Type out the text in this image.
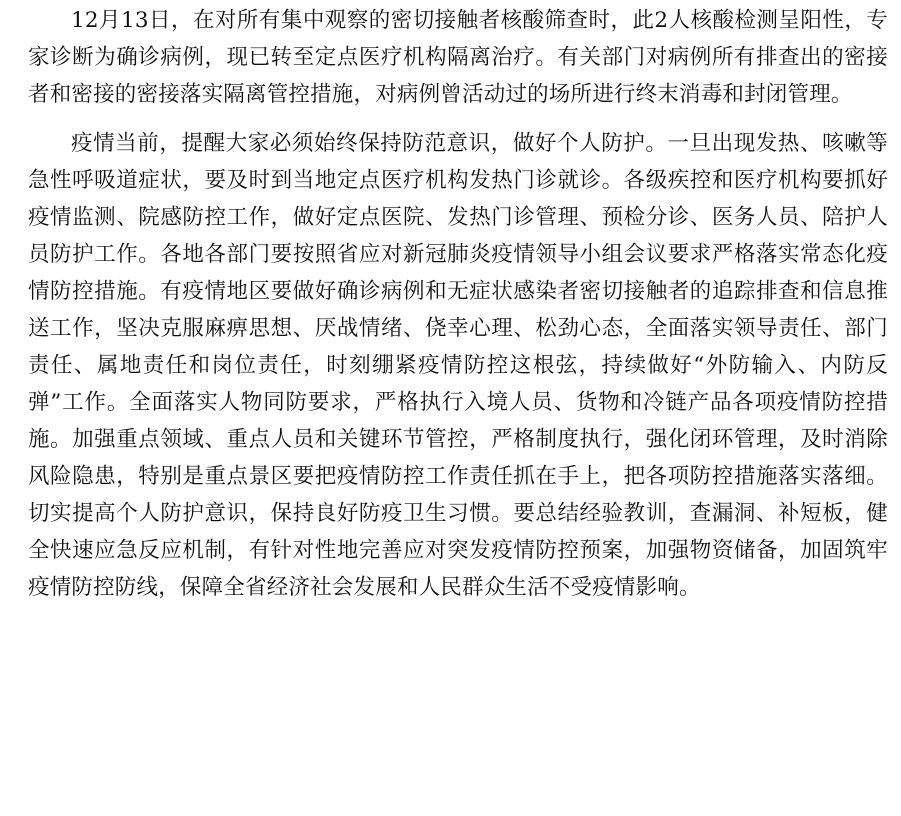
12月13日，在对所有集中观察的密切接触者核酸筛查时，此2人核酸检测呈阳性，专家诊断为确诊病例，现已转至定点医疗机构隔离治疗。有关部门对病例所有排查出的密接者和密接的密接落实隔离管控措施，对病例曾活动过的场所进行终末消毒和封闭管理。

疫情当前，提醒大家必须始终保持防范意识，做好个人防护。一旦出现发热、咳嗽等急性呼吸道症状，要及时到当地定点医疗机构发热门诊就诊。各级疾控和医疗机构要抓好疫情监测、院感防控工作，做好定点医院、发热门诊管理、预检分诊、医务人员、陪护人员防护工作。各地各部门要按照省应对新冠肺炎疫情领导小组会议要求严格落实常态化疫情防控措施。有疫情地区要做好确诊病例和无症状感染者密切接触者的追踪排查和信息推送工作，坚决克服麻痹思想、厌战情绪、侥幸心理、松劲心态，全面落实领导责任、部门责任、属地责任和岗位责任，时刻绷紧疫情防控这根弦，持续做好“外防输入、内防反弹”工作。全面落实人物同防要求，严格执行入境人员、货物和冷链产品各项疫情防控措施。加强重点领域、重点人员和关键环节管控，严格制度执行，强化闭环管理，及时消除风险隐患，特别是重点景区要把疫情防控工作责任抓在手上，把各项防控措施落实落细。切实提高个人防护意识，保持良好防疫卫生习惯。要总结经验教训，查漏洞、补短板，健全快速应急反应机制，有针对性地完善应对突发疫情防控预案，加强物资储备，加固筑牢疫情防控防线，保障全省经济社会发展和人民群众生活不受疫情影响。
